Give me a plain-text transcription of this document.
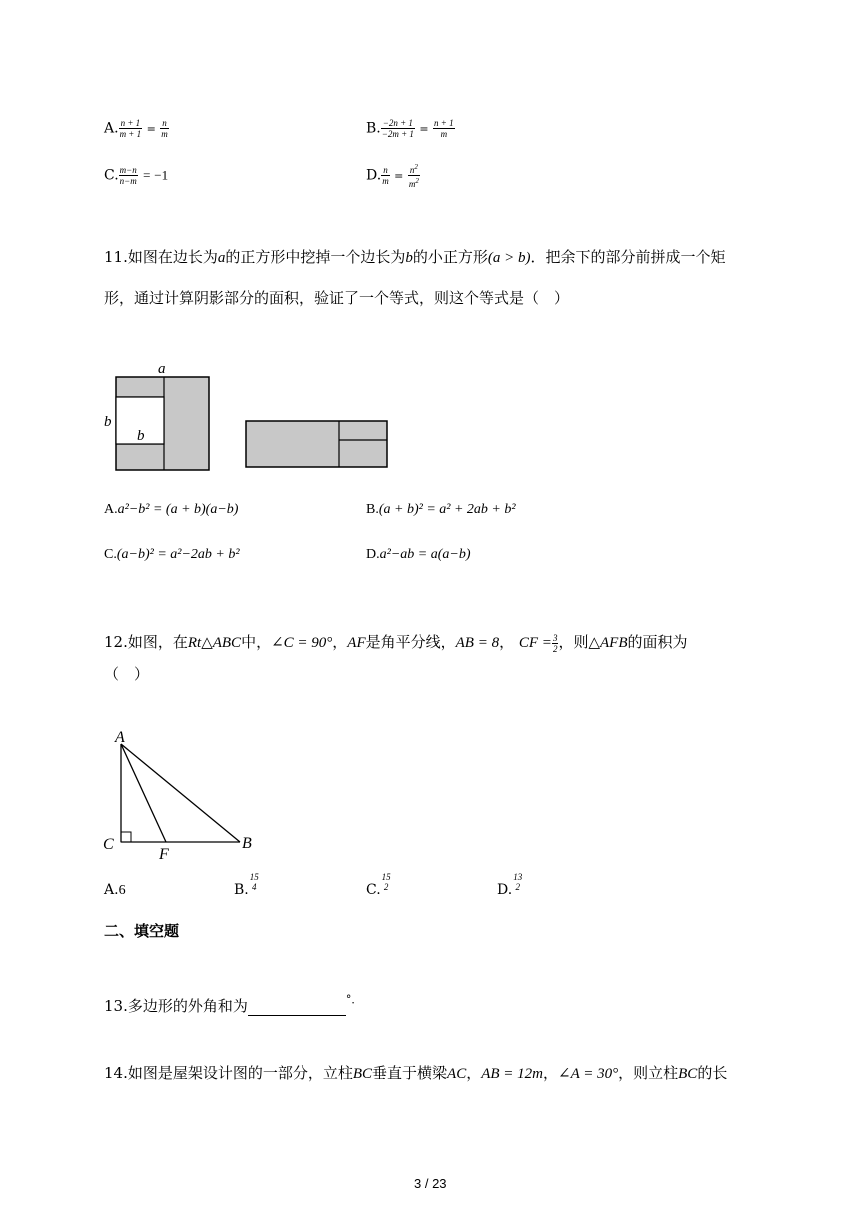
A. $\frac{n + 1}{m + 1} = \frac{n}{m}$	B. $\frac{-2n + 1}{-2m + 1} = \frac{n + 1}{m}$
C. $\frac{m-n}{n-m} = -1$	D. $\frac{n}{m} = \frac{n^2}{m^2}$
11.如图在边长为a的正方形中挖掉一个边长为b的小正方形(a > b)．把余下的部分前拼成一个矩
形，通过计算阴影部分的面积，验证了一个等式，则这个等式是（　）
a
b
b
A.a²−b² = (a + b)(a−b)	B.(a + b)² = a² + 2ab + b²
C.(a−b)² = a²−2ab + b²	D.a²−ab = a(a−b)
12.如图，在Rt△ABC中，∠C = 90°，AF是角平分线，AB = 8， CF = $\frac{3}{2}$ ，则△AFB的面积为
（　）
A
C
F
B
A.6	B.
15
4	C.
15
2	D.
13
2
二、填空题
13.多边形的外角和为	°．
14.如图是屋架设计图的一部分，立柱BC垂直于横梁AC，AB = 12m，∠A = 30°，则立柱BC的长
3 / 23
